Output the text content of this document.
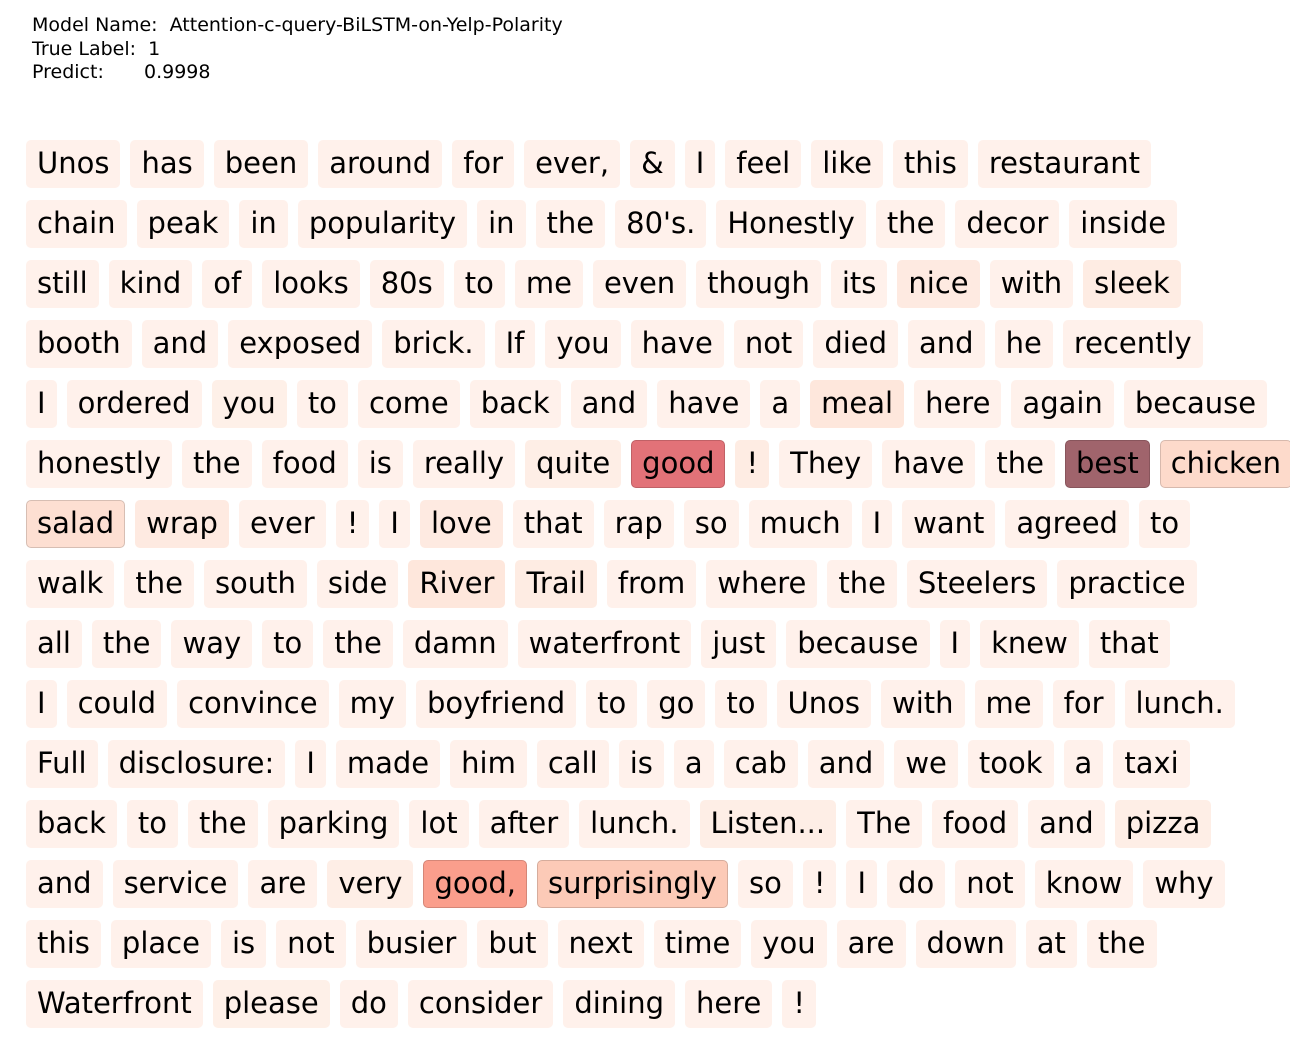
Model Name: Attention-c-query-BiLSTM-on-Yelp-Polarity
True Label: 1
Predict: 0.9998
Unos has been around for ever, & I feel like this restaurant
chain peak in popularity in the 80's. Honestly the decor inside
still kind of looks 80s to me even though its nice with sleek
booth and exposed brick. If you have not died and he recently
I ordered you to come back and have a meal here again because
honestly the food is really quite good ! They have the best chicken
salad wrap ever ! I love that rap so much I want agreed to
walk the south side River Trail from where the Steelers practice
all the way to the damn waterfront just because I knew that
I could convince my boyfriend to go to Unos with me for lunch.
Full disclosure: I made him call is a cab and we took a taxi
back to the parking lot after lunch. Listen... The food and pizza
and service are very good, surprisingly so ! I do not know why
this place is not busier but next time you are down at the
Waterfront please do consider dining here !
